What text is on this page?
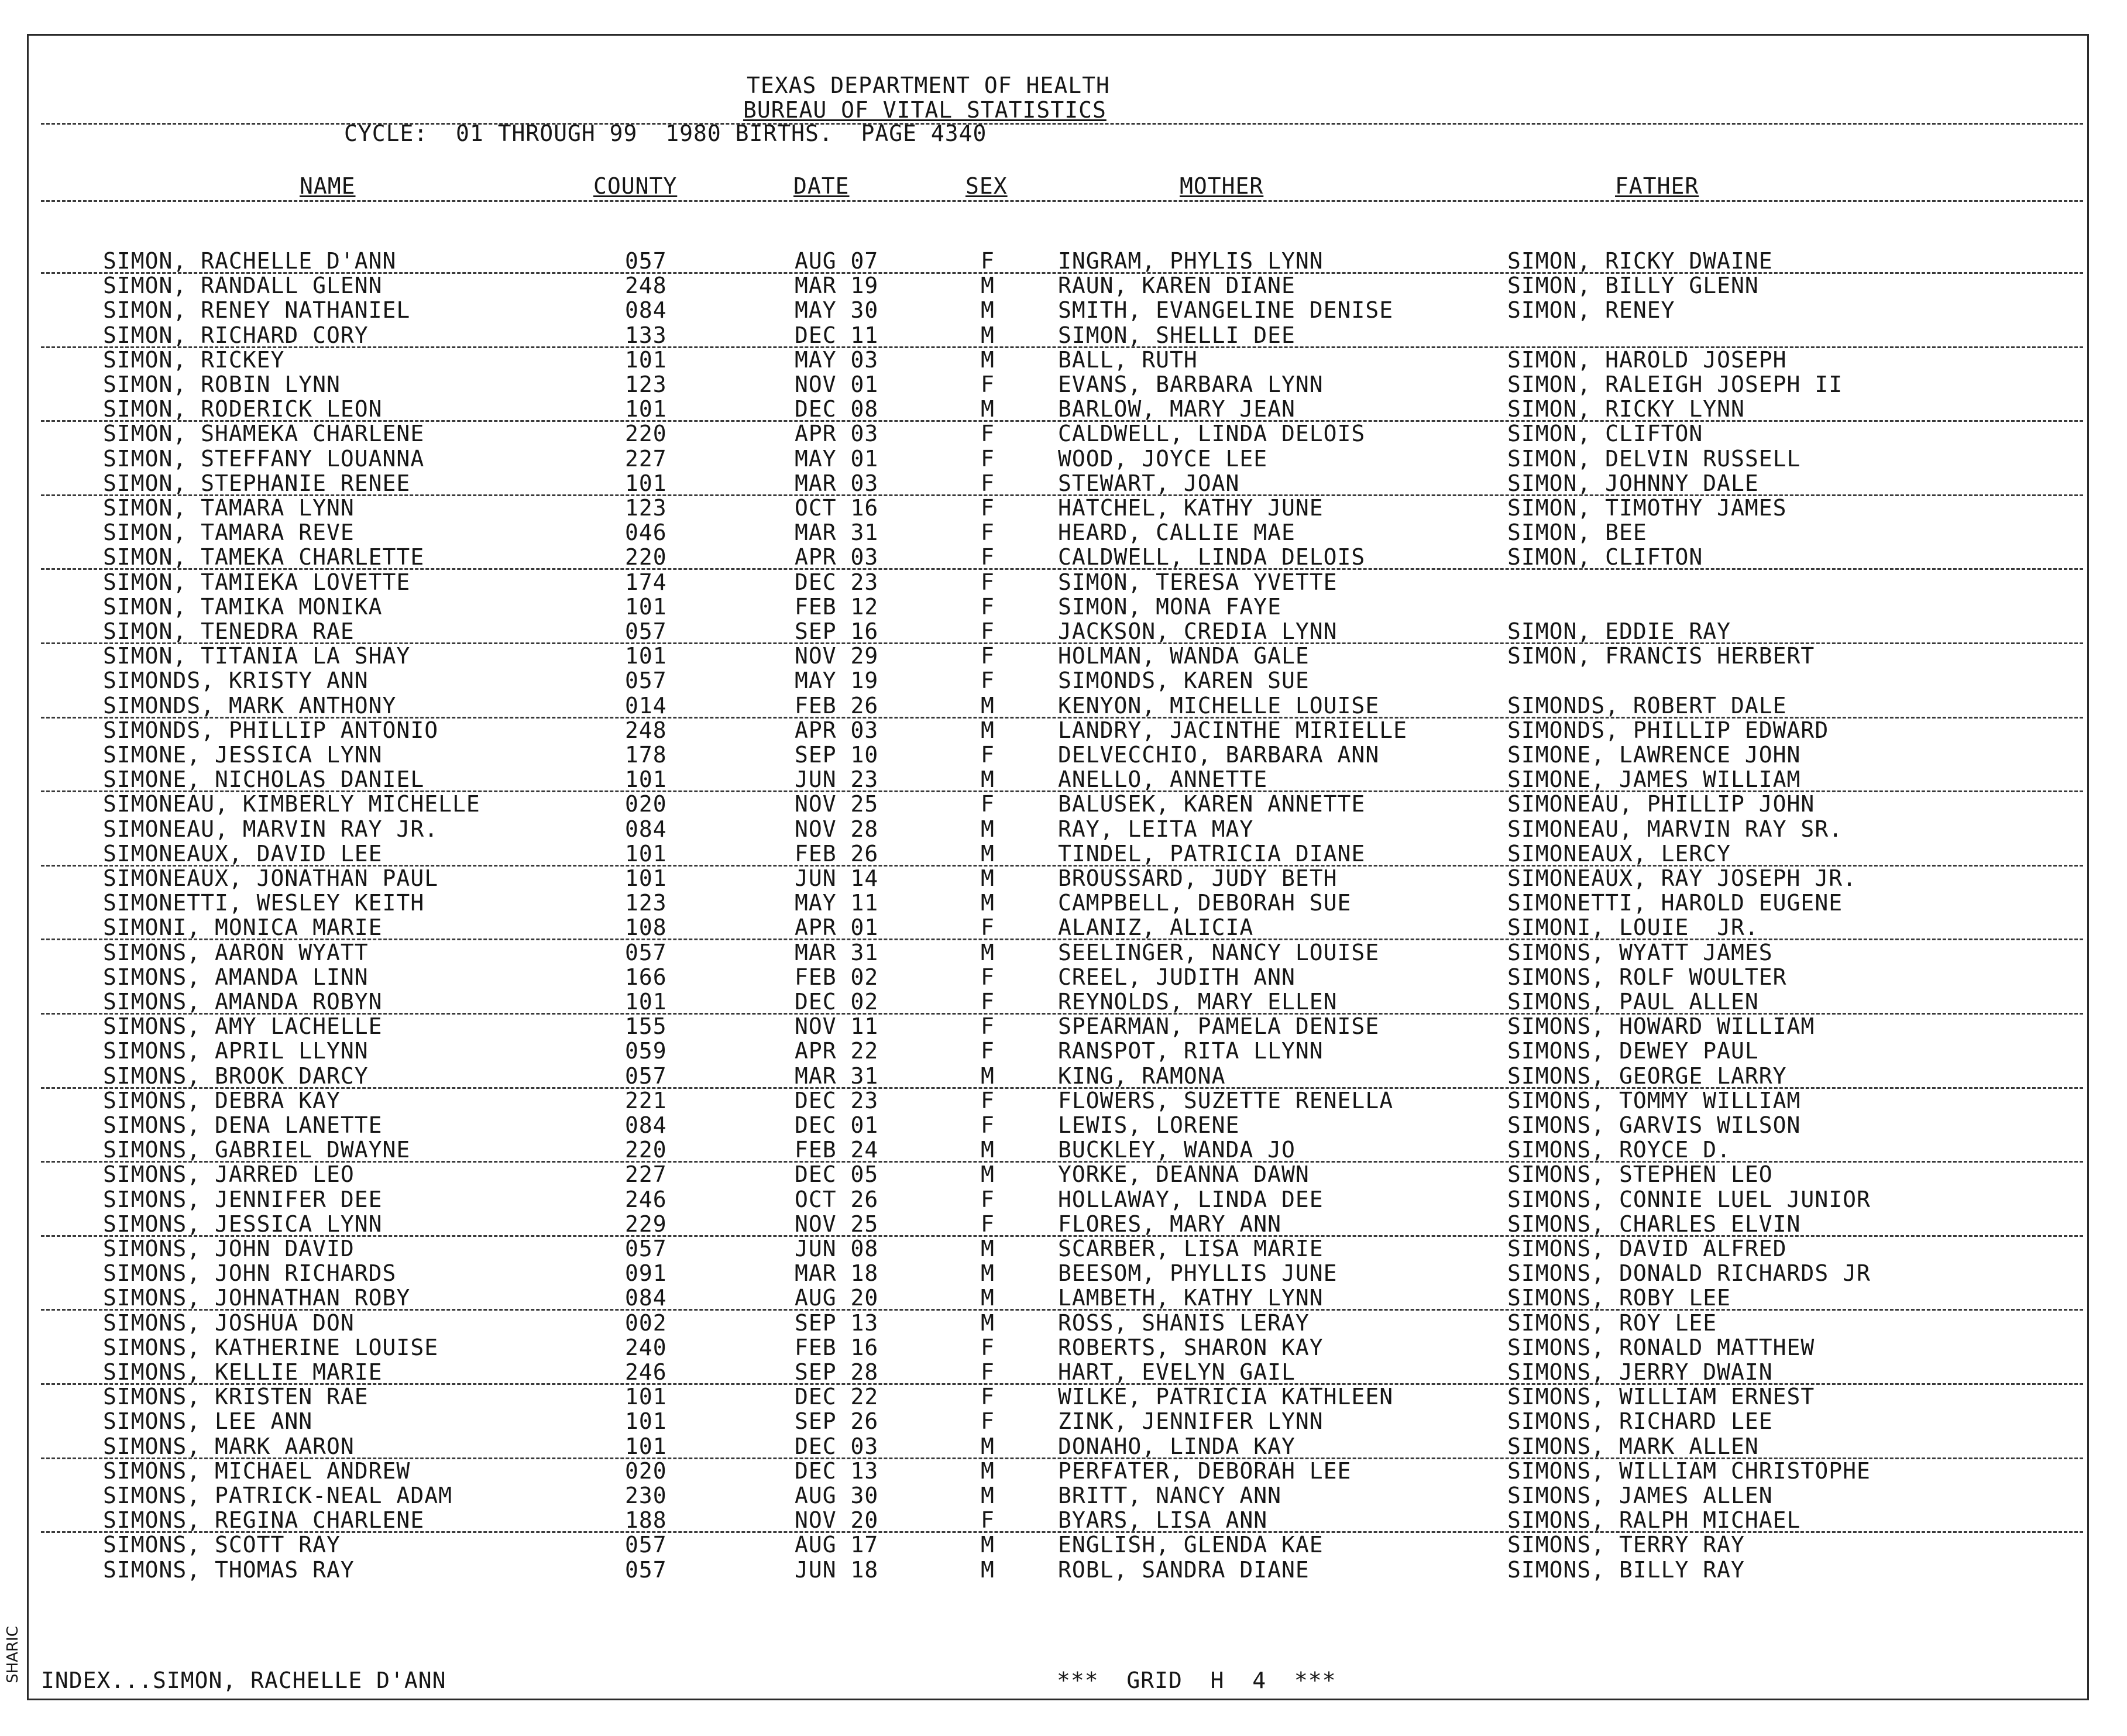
TEXAS DEPARTMENT OF HEALTH
BUREAU OF VITAL STATISTICS
CYCLE:  01 THROUGH 99  1980 BIRTHS.  PAGE 4340
NAME	COUNTY	DATE	SEX	MOTHER	FATHER
SIMON, RACHELLE D'ANN	057	AUG 07	F	INGRAM, PHYLIS LYNN	SIMON, RICKY DWAINE
SIMON, RANDALL GLENN	248	MAR 19	M	RAUN, KAREN DIANE	SIMON, BILLY GLENN
SIMON, RENEY NATHANIEL	084	MAY 30	M	SMITH, EVANGELINE DENISE	SIMON, RENEY
SIMON, RICHARD CORY	133	DEC 11	M	SIMON, SHELLI DEE
SIMON, RICKEY	101	MAY 03	M	BALL, RUTH	SIMON, HAROLD JOSEPH
SIMON, ROBIN LYNN	123	NOV 01	F	EVANS, BARBARA LYNN	SIMON, RALEIGH JOSEPH II
SIMON, RODERICK LEON	101	DEC 08	M	BARLOW, MARY JEAN	SIMON, RICKY LYNN
SIMON, SHAMEKA CHARLENE	220	APR 03	F	CALDWELL, LINDA DELOIS	SIMON, CLIFTON
SIMON, STEFFANY LOUANNA	227	MAY 01	F	WOOD, JOYCE LEE	SIMON, DELVIN RUSSELL
SIMON, STEPHANIE RENEE	101	MAR 03	F	STEWART, JOAN	SIMON, JOHNNY DALE
SIMON, TAMARA LYNN	123	OCT 16	F	HATCHEL, KATHY JUNE	SIMON, TIMOTHY JAMES
SIMON, TAMARA REVE	046	MAR 31	F	HEARD, CALLIE MAE	SIMON, BEE
SIMON, TAMEKA CHARLETTE	220	APR 03	F	CALDWELL, LINDA DELOIS	SIMON, CLIFTON
SIMON, TAMIEKA LOVETTE	174	DEC 23	F	SIMON, TERESA YVETTE
SIMON, TAMIKA MONIKA	101	FEB 12	F	SIMON, MONA FAYE
SIMON, TENEDRA RAE	057	SEP 16	F	JACKSON, CREDIA LYNN	SIMON, EDDIE RAY
SIMON, TITANIA LA SHAY	101	NOV 29	F	HOLMAN, WANDA GALE	SIMON, FRANCIS HERBERT
SIMONDS, KRISTY ANN	057	MAY 19	F	SIMONDS, KAREN SUE
SIMONDS, MARK ANTHONY	014	FEB 26	M	KENYON, MICHELLE LOUISE	SIMONDS, ROBERT DALE
SIMONDS, PHILLIP ANTONIO	248	APR 03	M	LANDRY, JACINTHE MIRIELLE	SIMONDS, PHILLIP EDWARD
SIMONE, JESSICA LYNN	178	SEP 10	F	DELVECCHIO, BARBARA ANN	SIMONE, LAWRENCE JOHN
SIMONE, NICHOLAS DANIEL	101	JUN 23	M	ANELLO, ANNETTE	SIMONE, JAMES WILLIAM
SIMONEAU, KIMBERLY MICHELLE	020	NOV 25	F	BALUSEK, KAREN ANNETTE	SIMONEAU, PHILLIP JOHN
SIMONEAU, MARVIN RAY JR.	084	NOV 28	M	RAY, LEITA MAY	SIMONEAU, MARVIN RAY SR.
SIMONEAUX, DAVID LEE	101	FEB 26	M	TINDEL, PATRICIA DIANE	SIMONEAUX, LERCY
SIMONEAUX, JONATHAN PAUL	101	JUN 14	M	BROUSSARD, JUDY BETH	SIMONEAUX, RAY JOSEPH JR.
SIMONETTI, WESLEY KEITH	123	MAY 11	M	CAMPBELL, DEBORAH SUE	SIMONETTI, HAROLD EUGENE
SIMONI, MONICA MARIE	108	APR 01	F	ALANIZ, ALICIA	SIMONI, LOUIE  JR.
SIMONS, AARON WYATT	057	MAR 31	M	SEELINGER, NANCY LOUISE	SIMONS, WYATT JAMES
SIMONS, AMANDA LINN	166	FEB 02	F	CREEL, JUDITH ANN	SIMONS, ROLF WOULTER
SIMONS, AMANDA ROBYN	101	DEC 02	F	REYNOLDS, MARY ELLEN	SIMONS, PAUL ALLEN
SIMONS, AMY LACHELLE	155	NOV 11	F	SPEARMAN, PAMELA DENISE	SIMONS, HOWARD WILLIAM
SIMONS, APRIL LLYNN	059	APR 22	F	RANSPOT, RITA LLYNN	SIMONS, DEWEY PAUL
SIMONS, BROOK DARCY	057	MAR 31	M	KING, RAMONA	SIMONS, GEORGE LARRY
SIMONS, DEBRA KAY	221	DEC 23	F	FLOWERS, SUZETTE RENELLA	SIMONS, TOMMY WILLIAM
SIMONS, DENA LANETTE	084	DEC 01	F	LEWIS, LORENE	SIMONS, GARVIS WILSON
SIMONS, GABRIEL DWAYNE	220	FEB 24	M	BUCKLEY, WANDA JO	SIMONS, ROYCE D.
SIMONS, JARRED LEO	227	DEC 05	M	YORKE, DEANNA DAWN	SIMONS, STEPHEN LEO
SIMONS, JENNIFER DEE	246	OCT 26	F	HOLLAWAY, LINDA DEE	SIMONS, CONNIE LUEL JUNIOR
SIMONS, JESSICA LYNN	229	NOV 25	F	FLORES, MARY ANN	SIMONS, CHARLES ELVIN
SIMONS, JOHN DAVID	057	JUN 08	M	SCARBER, LISA MARIE	SIMONS, DAVID ALFRED
SIMONS, JOHN RICHARDS	091	MAR 18	M	BEESOM, PHYLLIS JUNE	SIMONS, DONALD RICHARDS JR
SIMONS, JOHNATHAN ROBY	084	AUG 20	M	LAMBETH, KATHY LYNN	SIMONS, ROBY LEE
SIMONS, JOSHUA DON	002	SEP 13	M	ROSS, SHANIS LERAY	SIMONS, ROY LEE
SIMONS, KATHERINE LOUISE	240	FEB 16	F	ROBERTS, SHARON KAY	SIMONS, RONALD MATTHEW
SIMONS, KELLIE MARIE	246	SEP 28	F	HART, EVELYN GAIL	SIMONS, JERRY DWAIN
SIMONS, KRISTEN RAE	101	DEC 22	F	WILKE, PATRICIA KATHLEEN	SIMONS, WILLIAM ERNEST
SIMONS, LEE ANN	101	SEP 26	F	ZINK, JENNIFER LYNN	SIMONS, RICHARD LEE
SIMONS, MARK AARON	101	DEC 03	M	DONAHO, LINDA KAY	SIMONS, MARK ALLEN
SIMONS, MICHAEL ANDREW	020	DEC 13	M	PERFATER, DEBORAH LEE	SIMONS, WILLIAM CHRISTOPHE
SIMONS, PATRICK-NEAL ADAM	230	AUG 30	M	BRITT, NANCY ANN	SIMONS, JAMES ALLEN
SIMONS, REGINA CHARLENE	188	NOV 20	F	BYARS, LISA ANN	SIMONS, RALPH MICHAEL
SIMONS, SCOTT RAY	057	AUG 17	M	ENGLISH, GLENDA KAE	SIMONS, TERRY RAY
SIMONS, THOMAS RAY	057	JUN 18	M	ROBL, SANDRA DIANE	SIMONS, BILLY RAY
INDEX...SIMON, RACHELLE D'ANN	***  GRID  H  4  ***
SHARIC
